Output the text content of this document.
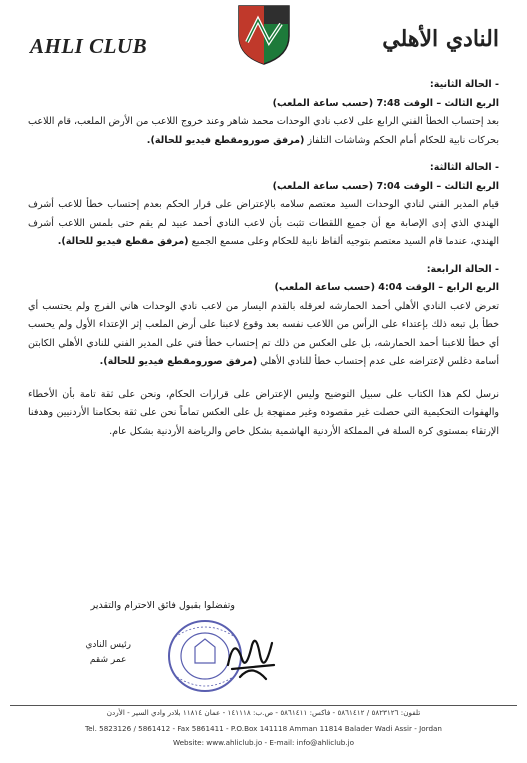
AHLI CLUB	النادي الأهلي
- الحالة الثانية:
الربع الثالث – الوقت 7:48 (حسب ساعة الملعب)
بعد إحتساب الخطأ الفني الرابع على لاعب نادي الوحدات محمد شاهر وعند خروج اللاعب من الأرض الملعب، قام اللاعب بحركات نابية للحكام أمام الحكم وشاشات التلفاز (مرفق صورومقطع فيديو للحالة).
- الحالة الثالثة:
الربع الثالث – الوقت 7:04 (حسب ساعة الملعب)
قيام المدير الفني لنادي الوحدات السيد معتصم سلامه بالإعتراض على قرار الحكم بعدم إحتساب خطأ للاعب أشرف الهندي الذي إدى الإصابة مع أن جميع اللقطات تثبت بأن لاعب النادي أحمد عبيد لم يقم حتى بلمس اللاعب أشرف الهندي، عندما قام السيد معتصم بتوجيه ألفاظ نابية للحكام وعلى مسمع الجميع (مرفق مقطع فيديو للحالة).
- الحالة الرابعة:
الربع الرابع – الوقت 4:04 (حسب ساعة الملعب)
تعرض لاعب النادي الأهلي أحمد الحمارشه لعرقله بالقدم اليسار من لاعب نادي الوحدات هاني الفرج ولم يحتسب أي خطأ بل تبعه ذلك بإعتداء على الرأس من اللاعب نفسه بعد وقوع لاعبنا على أرض الملعب إثر الإعتداء الأول ولم يحسب أي خطأ للاعبنا أحمد الحمارشه، بل على العكس من ذلك تم إحتساب خطأ فني على المدير الفني للنادي الأهلي الكابتن أسامة دغلس لإعتراضه على عدم إحتساب خطأ للنادي الأهلي (مرفق صورومقطع فيديو للحالة).
نرسل لكم هذا الكتاب على سبيل التوضيح وليس الإعتراض على قرارات الحكام، ونحن على ثقة تامة بأن الأخطاء والهفوات التحكيمية التي حصلت غير مقصوده وغير ممنهجة بل على العكس تماماً نحن على ثقة بحكامنا الأردنيين وهدفنا الإرتقاء بمستوى كرة السلة في المملكة الأردنية الهاشمية بشكل خاص والرياضة الأردنية بشكل عام.
وتفضلوا بقبول فائق الاحترام والتقدير
رئيس النادي
عمر شقم
تلفون: ٥٨٢٣١٢٦ / ٥٨٦١٤١٢ - فاكس: ٥٨٦١٤١١ - ص.ب: ١٤١١١٨ - عمان ١١٨١٤ بلادر وادي السير - الأردن
Tel. 5823126 / 5861412 - Fax 5861411 - P.O.Box 141118 Amman 11814 Balader Wadi Assir - Jordan
Website: www.ahliclub.jo - E-mail: info@ahliclub.jo
